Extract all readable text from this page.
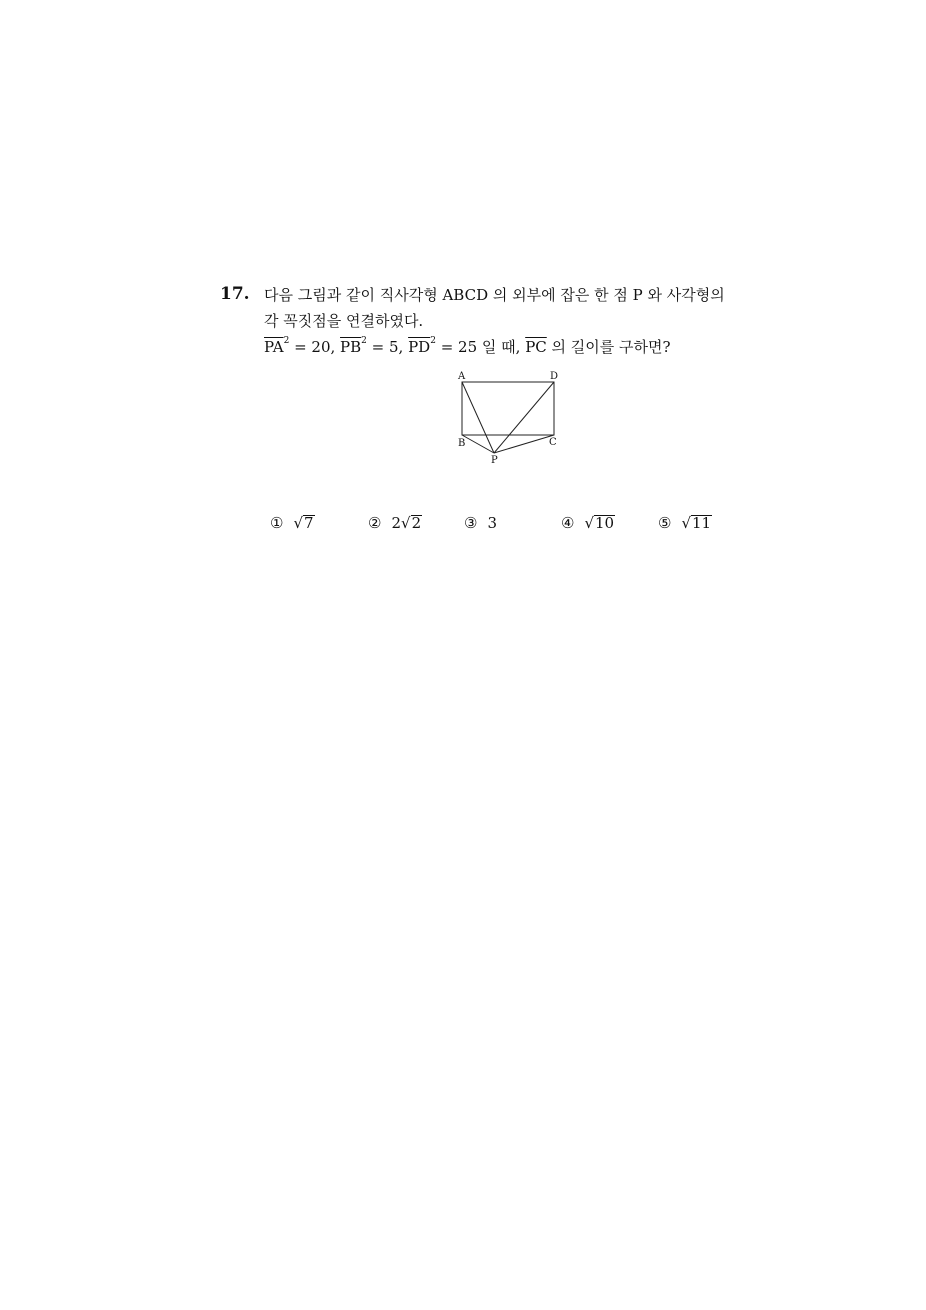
17. 다음 그림과 같이 직사각형 ABCD 의 외부에 잡은 한 점 P 와 사각형의
각 꼭짓점을 연결하였다.
$\overline{PA}^2 = 20$, $\overline{PB}^2 = 5$, $\overline{PD}^2 = 25$ 일 때, $\overline{PC}$ 의 길이를 구하면?
A	D
B	C
P
① √7	② 2√2	③ 3	④ √10	⑤ √11
